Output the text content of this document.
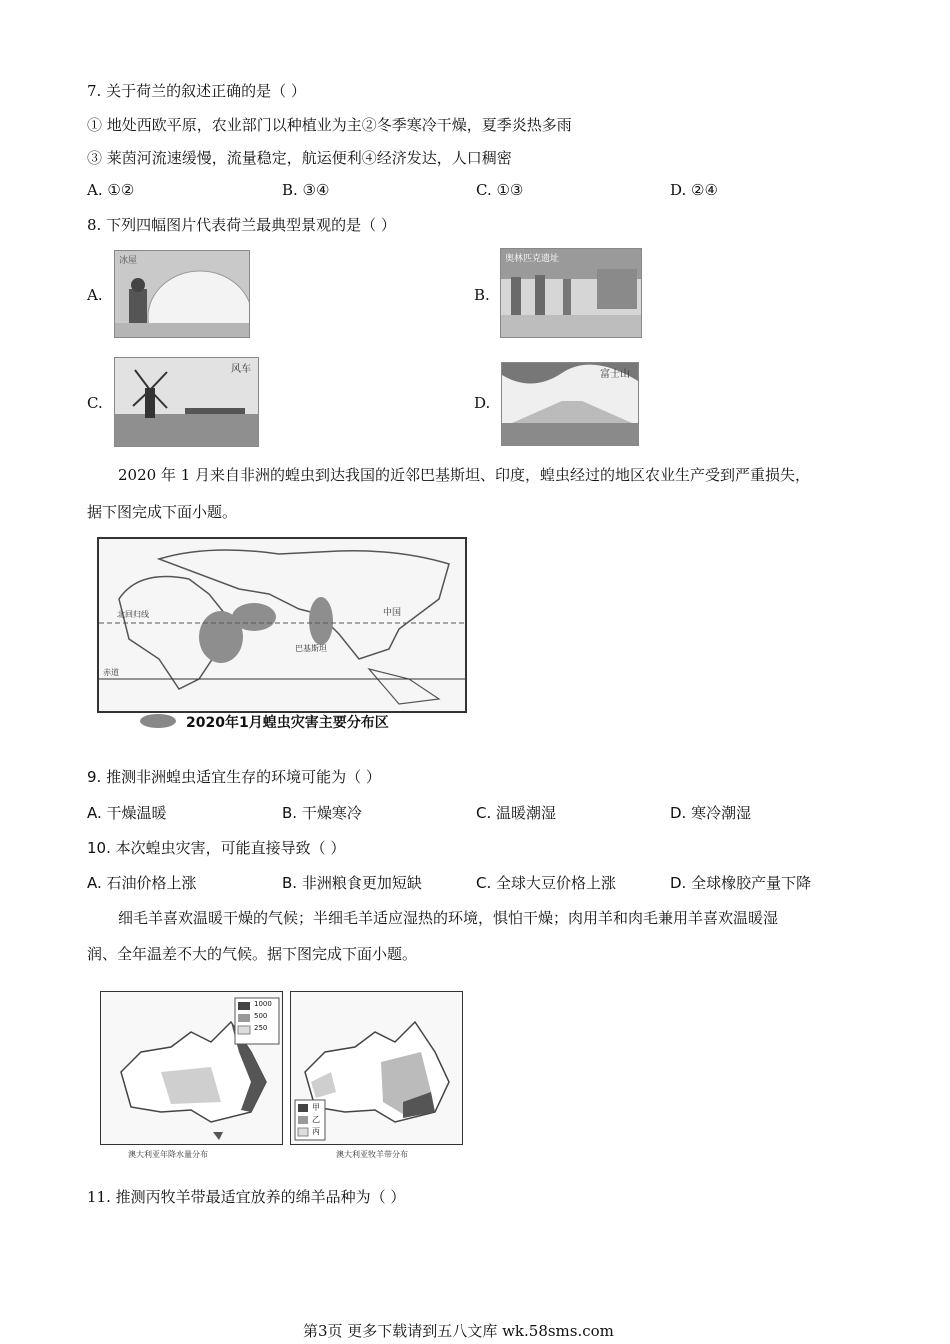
7. 关于荷兰的叙述正确的是（ ）
① 地处西欧平原，农业部门以种植业为主②冬季寒冷干燥，夏季炎热多雨
③ 莱茵河流速缓慢，流量稳定，航运便利④经济发达，人口稠密
A. ①②	B. ③④	C. ①③	D. ②④
8. 下列四幅图片代表荷兰最典型景观的是（ ）
A.
冰屋
B.
奥林匹克遗址
C.
风车
D.
富士山
2020 年 1 月来自非洲的蝗虫到达我国的近邻巴基斯坦、印度，蝗虫经过的地区农业生产受到严重损失，
据下图完成下面小题。
中国
北回归线
巴基斯坦
赤道
2020年1月蝗虫灾害主要分布区
9. 推测非洲蝗虫适宜生存的环境可能为（ ）
A. 干燥温暖	B. 干燥寒冷	C. 温暖潮湿	D. 寒冷潮湿
10. 本次蝗虫灾害，可能直接导致（ ）
A. 石油价格上涨	B. 非洲粮食更加短缺	C. 全球大豆价格上涨	D. 全球橡胶产量下降
细毛羊喜欢温暖干燥的气候；半细毛羊适应湿热的环境，惧怕干燥；肉用羊和肉毛兼用羊喜欢温暖湿
润、全年温差不大的气候。据下图完成下面小题。
1000
500
250
澳大利亚年降水量分布
甲
乙
丙
澳大利亚牧羊带分布
11. 推测丙牧羊带最适宜放养的绵羊品种为（ ）
第3页 更多下载请到五八文库 wk.58sms.com
